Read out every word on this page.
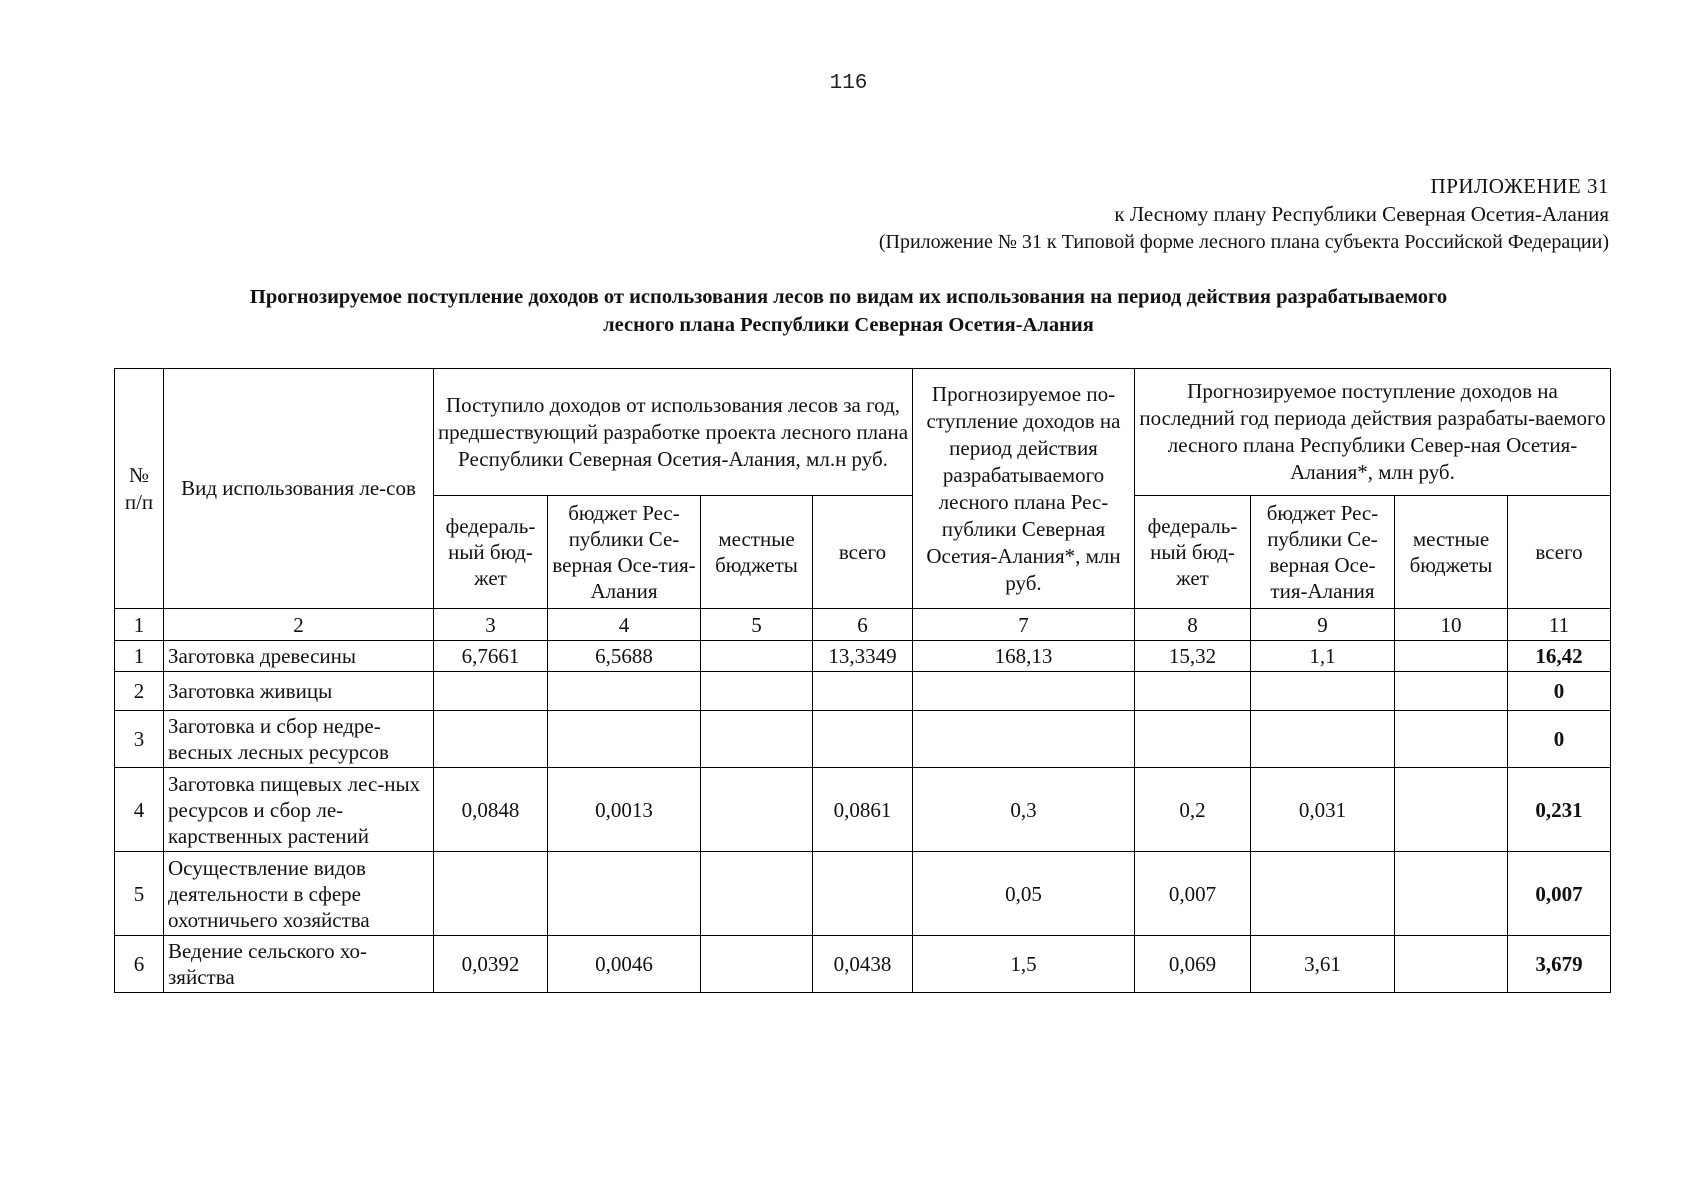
116
ПРИЛОЖЕНИЕ 31
к Лесному плану Республики Северная Осетия-Алания
(Приложение № 31 к Типовой форме лесного плана субъекта Российской Федерации)
Прогнозируемое поступление доходов от использования лесов по видам их использования на период действия разрабатываемого
лесного плана Республики Северная Осетия-Алания
№ п/п	Вид использования ле-сов	Поступило доходов от использования лесов за год, предшествующий разработке проекта лесного плана Республики Северная Осетия-Алания, мл.н руб.				Прогнозируемое по-ступление доходов на период действия разрабатываемого лесного плана Рес-публики Северная Осетия-Алания*, млн руб.	Прогнозируемое поступление доходов на последний год периода действия разрабаты-ваемого лесного плана Республики Север-ная Осетия-Алания*, млн руб.			
		федераль-ный бюд-жет	бюджет Рес-публики Се-верная Осе-тия-Алания	местные бюджеты	всего		федераль-ный бюд-жет	бюджет Рес-публики Се-верная Осе-тия-Алания	местные бюджеты	всего
1	2	3	4	5	6	7	8	9	10	11
1	Заготовка древесины	6,7661	6,5688		13,3349	168,13	15,32	1,1		16,42
2	Заготовка живицы									0
3	Заготовка и сбор недре-весных лесных ресурсов									0
4	Заготовка пищевых лес-ных ресурсов и сбор ле-карственных растений	0,0848	0,0013		0,0861	0,3	0,2	0,031		0,231
5	Осуществление видов деятельности в сфере охотничьего хозяйства					0,05	0,007			0,007
6	Ведение сельского хо-зяйства	0,0392	0,0046		0,0438	1,5	0,069	3,61		3,679
